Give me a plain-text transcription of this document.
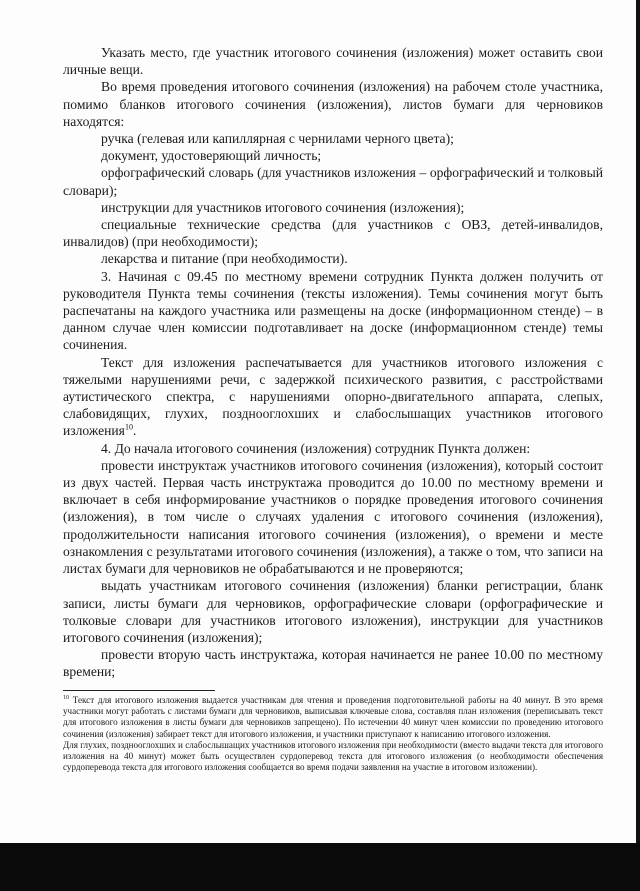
Указать место, где участник итогового сочинения (изложения) может оставить свои личные вещи.

Во время проведения итогового сочинения (изложения) на рабочем столе участника, помимо бланков итогового сочинения (изложения), листов бумаги для черновиков находятся:

ручка (гелевая или капиллярная с чернилами черного цвета);

документ, удостоверяющий личность;

орфографический словарь (для участников изложения – орфографический и толковый словари);

инструкции для участников итогового сочинения (изложения);

специальные технические средства (для участников с ОВЗ, детей-инвалидов, инвалидов) (при необходимости);

лекарства и питание (при необходимости).

3. Начиная с 09.45 по местному времени сотрудник Пункта должен получить от руководителя Пункта темы сочинения (тексты изложения). Темы сочинения могут быть распечатаны на каждого участника или размещены на доске (информационном стенде) – в данном случае член комиссии подготавливает на доске (информационном стенде) темы сочинения.

Текст для изложения распечатывается для участников итогового изложения с тяжелыми нарушениями речи, с задержкой психического развития, с расстройствами аутистического спектра, с нарушениями опорно-двигательного аппарата, слепых, слабовидящих, глухих, позднооглохших и слабослышащих участников итогового изложения$^{10}$.

4. До начала итогового сочинения (изложения) сотрудник Пункта должен:

провести инструктаж участников итогового сочинения (изложения), который состоит из двух частей. Первая часть инструктажа проводится до 10.00 по местному времени и включает в себя информирование участников о порядке проведения итогового сочинения (изложения), в том числе о случаях удаления с итогового сочинения (изложения), продолжительности написания итогового сочинения (изложения), о времени и месте ознакомления с результатами итогового сочинения (изложения), а также о том, что записи на листах бумаги для черновиков не обрабатываются и не проверяются;

выдать участникам итогового сочинения (изложения) бланки регистрации, бланк записи, листы бумаги для черновиков, орфографические словари (орфографические и толковые словари для участников итогового изложения), инструкции для участников итогового сочинения (изложения);

провести вторую часть инструктажа, которая начинается не ранее 10.00 по местному времени;

$^{10}$ Текст для итогового изложения выдается участникам для чтения и проведения подготовительной работы на 40 минут. В это время участники могут работать с листами бумаги для черновиков, выписывая ключевые слова, составляя план изложения (переписывать текст для итогового изложения в листы бумаги для черновиков запрещено). По истечении 40 минут член комиссии по проведению итогового сочинения (изложения) забирает текст для итогового изложения, и участники приступают к написанию итогового изложения.

Для глухих, позднооглохших и слабослышащих участников итогового изложения при необходимости (вместо выдачи текста для итогового изложения на 40 минут) может быть осуществлен сурдоперевод текста для итогового изложения (о необходимости обеспечения сурдоперевода текста для итогового изложения сообщается во время подачи заявления на участие в итоговом изложении).
